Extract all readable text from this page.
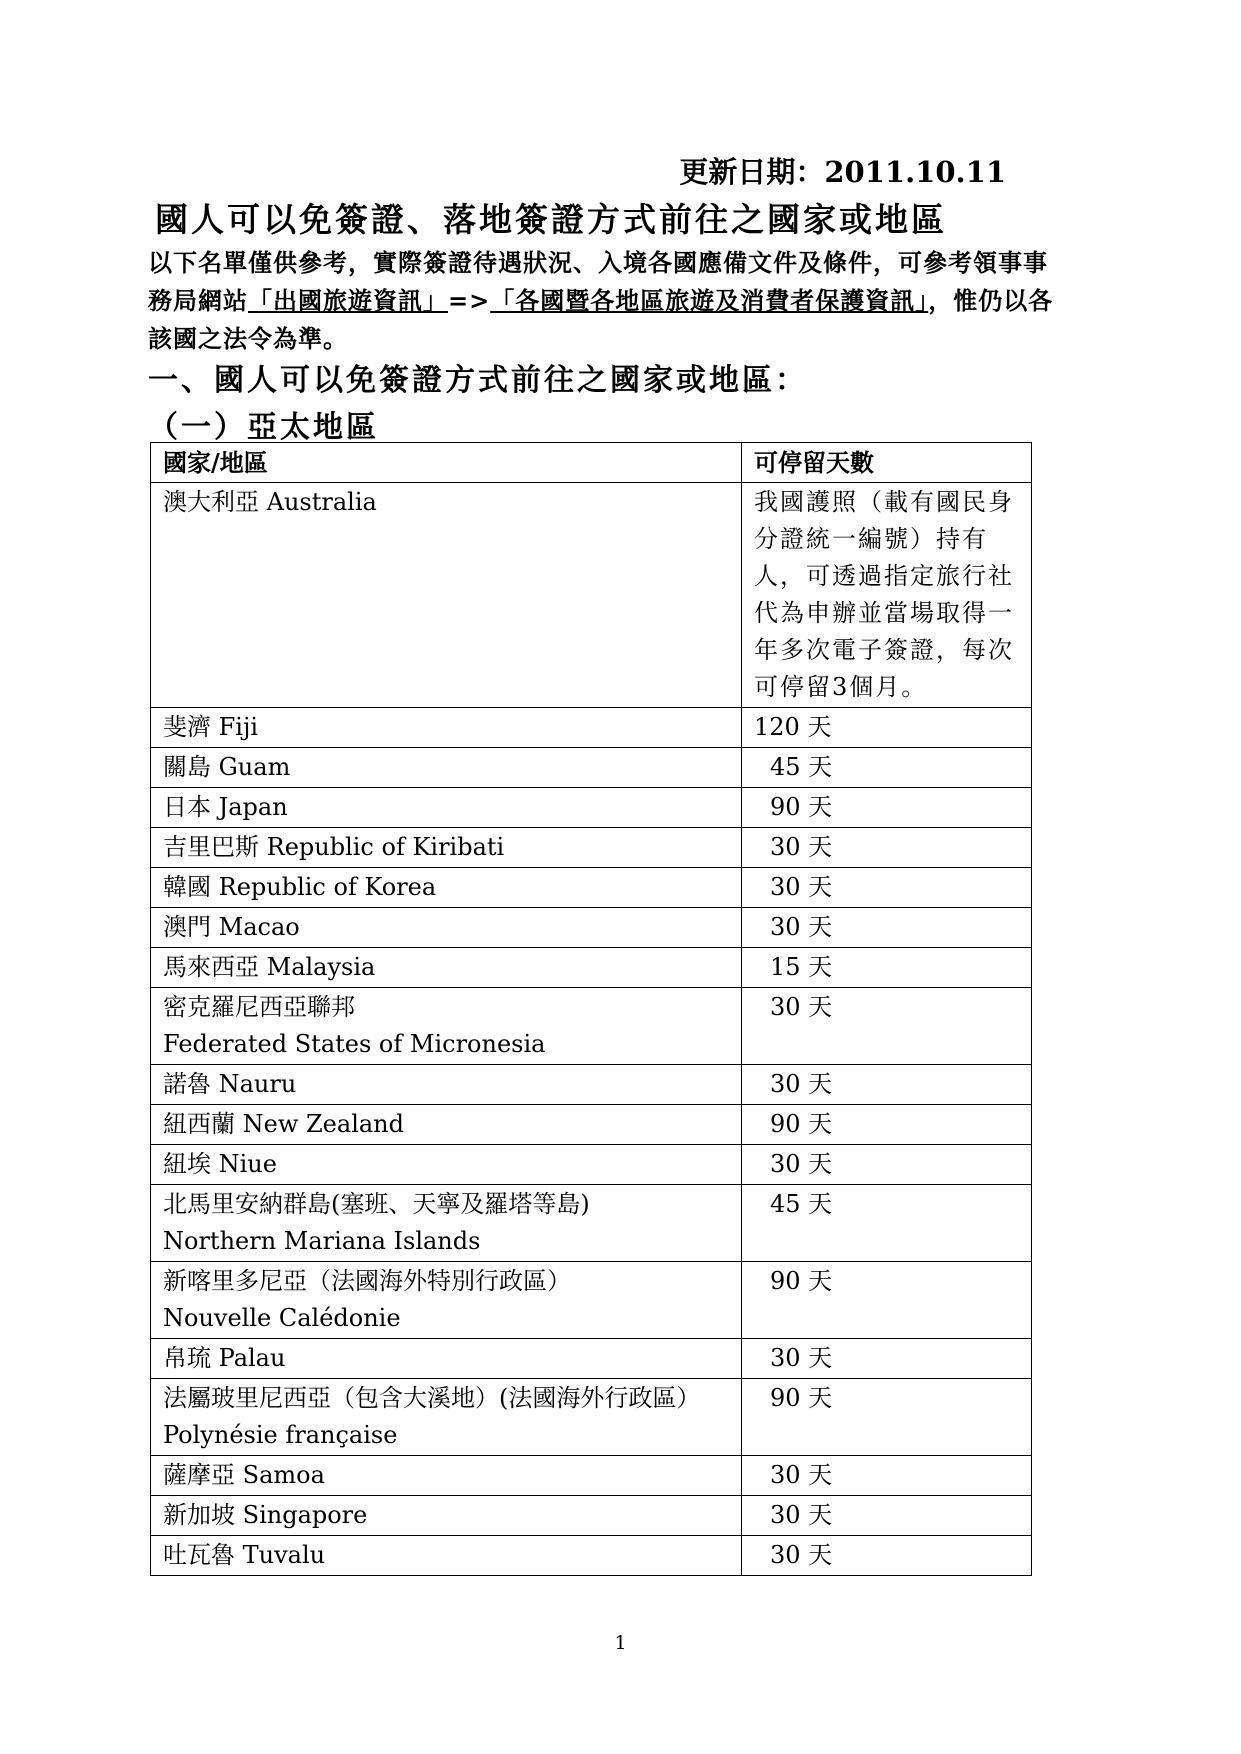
更新日期：2011.10.11
國人可以免簽證、落地簽證方式前往之國家或地區
以下名單僅供參考，實際簽證待遇狀況、入境各國應備文件及條件，可參考領事事務局網站「出國旅遊資訊」=>「各國暨各地區旅遊及消費者保護資訊」，惟仍以各該國之法令為準。
一、國人可以免簽證方式前往之國家或地區：
（一）亞太地區
國家/地區	可停留天數
澳大利亞 Australia	我國護照（載有國民身分證統一編號）持有人，可透過指定旅行社代為申辦並當場取得一年多次電子簽證，每次可停留3個月。
斐濟 Fiji	120 天
關島 Guam	45 天
日本 Japan	90 天
吉里巴斯 Republic of Kiribati	30 天
韓國 Republic of Korea	30 天
澳門 Macao	30 天
馬來西亞 Malaysia	15 天
密克羅尼西亞聯邦
Federated States of Micronesia	30 天
諾魯 Nauru	30 天
紐西蘭 New Zealand	90 天
紐埃 Niue	30 天
北馬里安納群島(塞班、天寧及羅塔等島)
Northern Mariana Islands	45 天
新喀里多尼亞（法國海外特別行政區）
Nouvelle Calédonie	90 天
帛琉 Palau	30 天
法屬玻里尼西亞（包含大溪地）(法國海外行政區）Polynésie française	90 天
薩摩亞 Samoa	30 天
新加坡 Singapore	30 天
吐瓦魯 Tuvalu	30 天
1
